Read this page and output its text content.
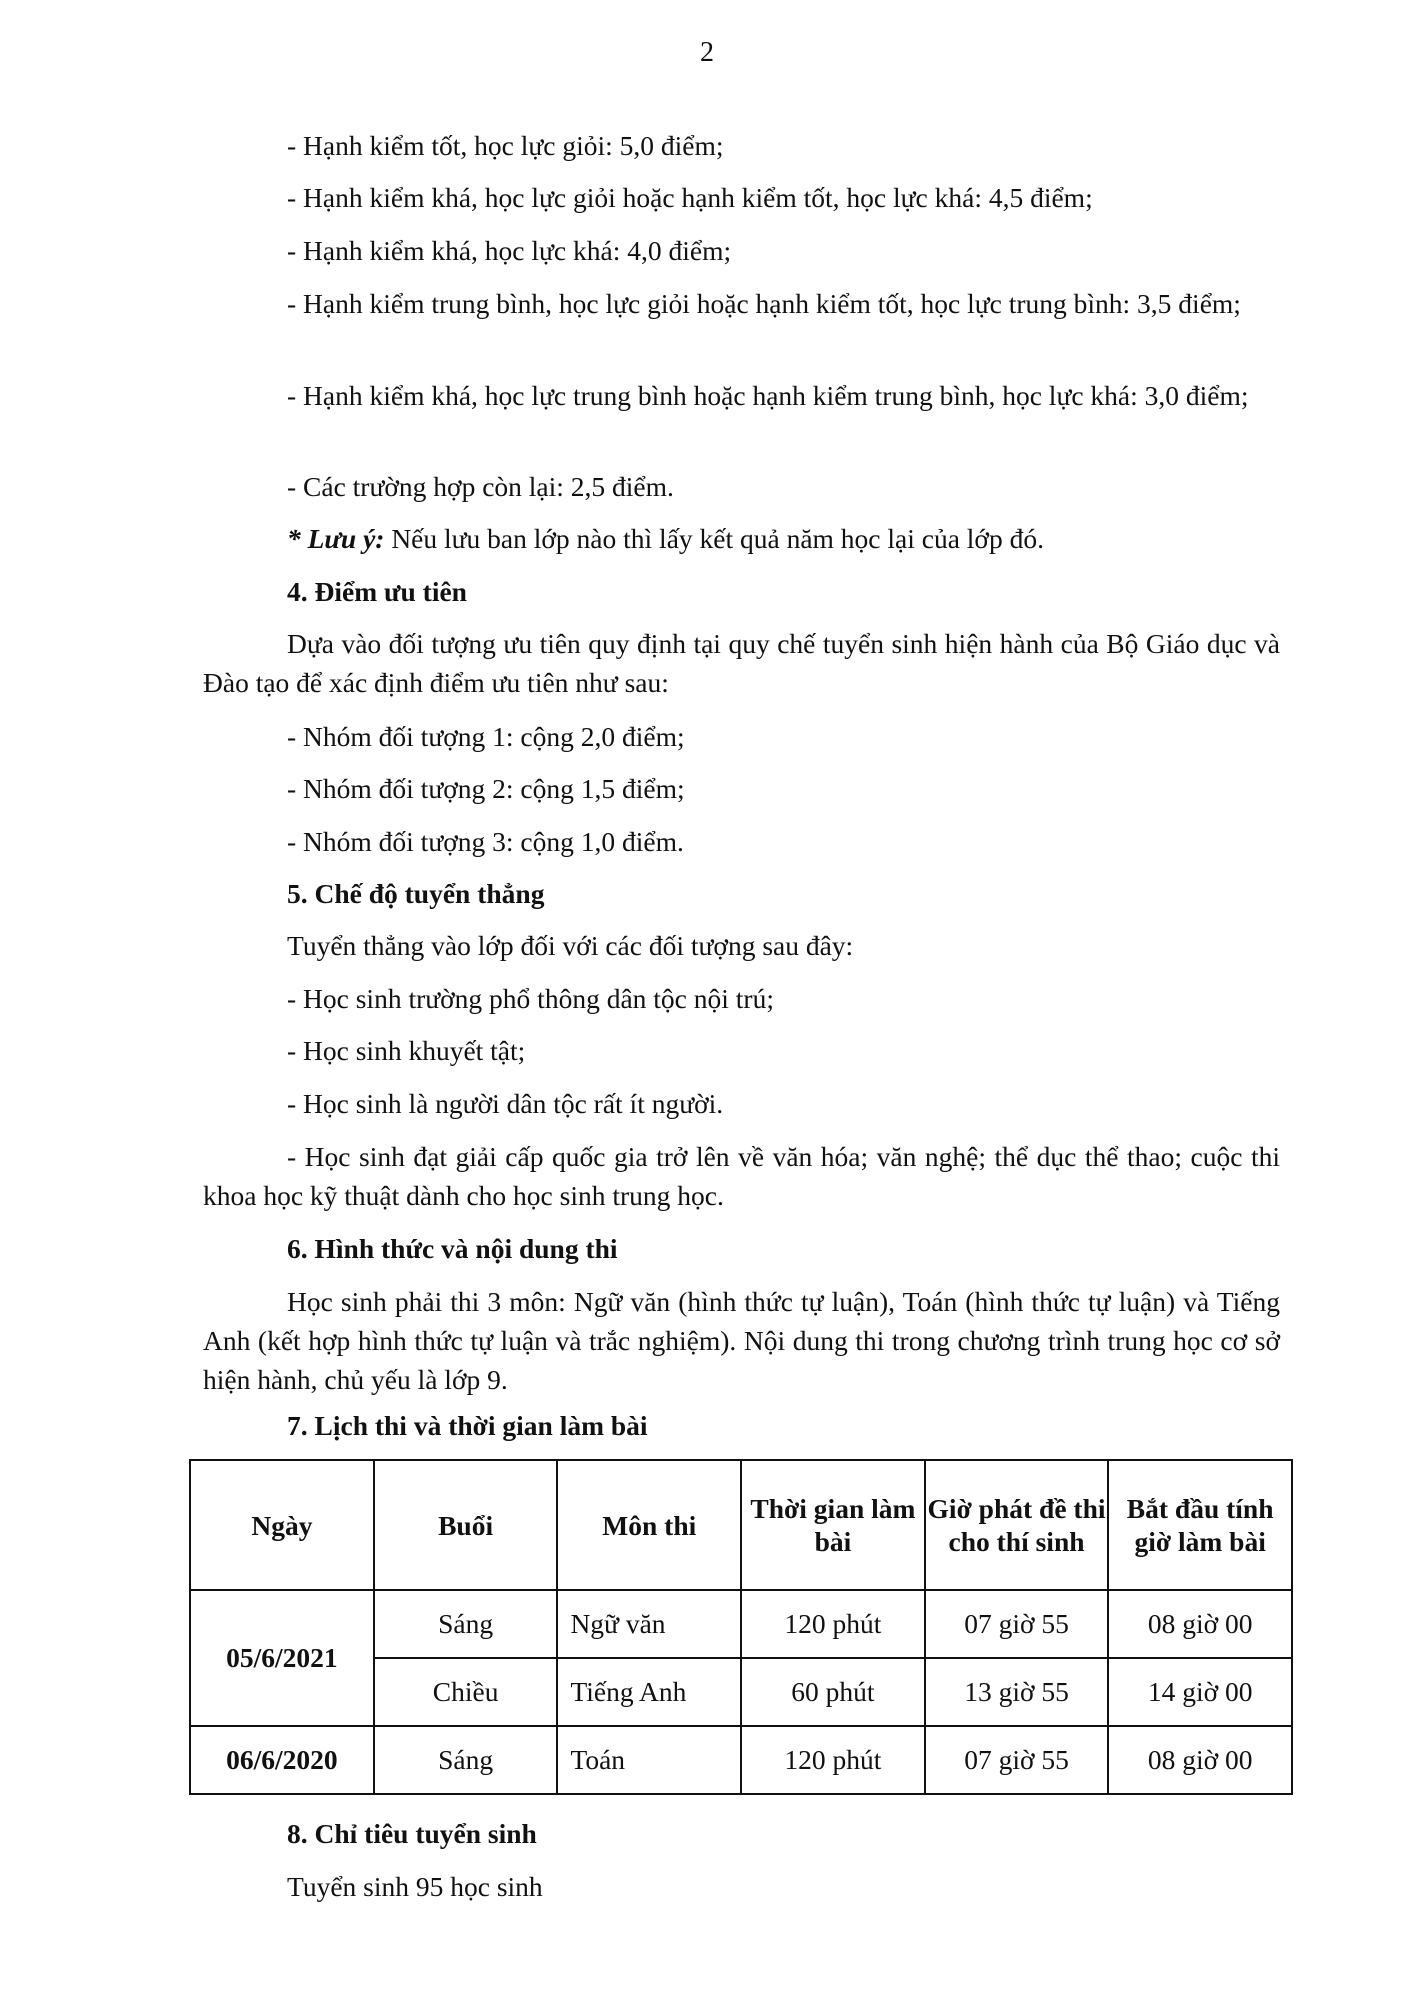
2
- Hạnh kiểm tốt, học lực giỏi: 5,0 điểm;
- Hạnh kiểm khá, học lực giỏi hoặc hạnh kiểm tốt, học lực khá: 4,5 điểm;
- Hạnh kiểm khá, học lực khá: 4,0 điểm;
- Hạnh kiểm trung bình, học lực giỏi hoặc hạnh kiểm tốt, học lực trung bình: 3,5 điểm;
- Hạnh kiểm khá, học lực trung bình hoặc hạnh kiểm trung bình, học lực khá: 3,0 điểm;
- Các trường hợp còn lại: 2,5 điểm.
* Lưu ý: Nếu lưu ban lớp nào thì lấy kết quả năm học lại của lớp đó.
4. Điểm ưu tiên
Dựa vào đối tượng ưu tiên quy định tại quy chế tuyển sinh hiện hành của Bộ Giáo dục và Đào tạo để xác định điểm ưu tiên như sau:
- Nhóm đối tượng 1: cộng 2,0 điểm;
- Nhóm đối tượng 2: cộng 1,5 điểm;
- Nhóm đối tượng 3: cộng 1,0 điểm.
5. Chế độ tuyển thẳng
Tuyển thẳng vào lớp đối với các đối tượng sau đây:
- Học sinh trường phổ thông dân tộc nội trú;
- Học sinh khuyết tật;
- Học sinh là người dân tộc rất ít người.
- Học sinh đạt giải cấp quốc gia trở lên về văn hóa; văn nghệ; thể dục thể thao; cuộc thi khoa học kỹ thuật dành cho học sinh trung học.
6. Hình thức và nội dung thi
Học sinh phải thi 3 môn: Ngữ văn (hình thức tự luận), Toán (hình thức tự luận) và Tiếng Anh (kết hợp hình thức tự luận và trắc nghiệm). Nội dung thi trong chương trình trung học cơ sở hiện hành, chủ yếu là lớp 9.
7. Lịch thi và thời gian làm bài
Ngày	Buổi	Môn thi	Thời gian làm bài	Giờ phát đề thi cho thí sinh	Bắt đầu tính giờ làm bài
05/6/2021	Sáng	Ngữ văn	120 phút	07 giờ 55	08 giờ 00
	Chiều	Tiếng Anh	60 phút	13 giờ 55	14 giờ 00
06/6/2020	Sáng	Toán	120 phút	07 giờ 55	08 giờ 00
8. Chỉ tiêu tuyển sinh
Tuyển sinh 95 học sinh
